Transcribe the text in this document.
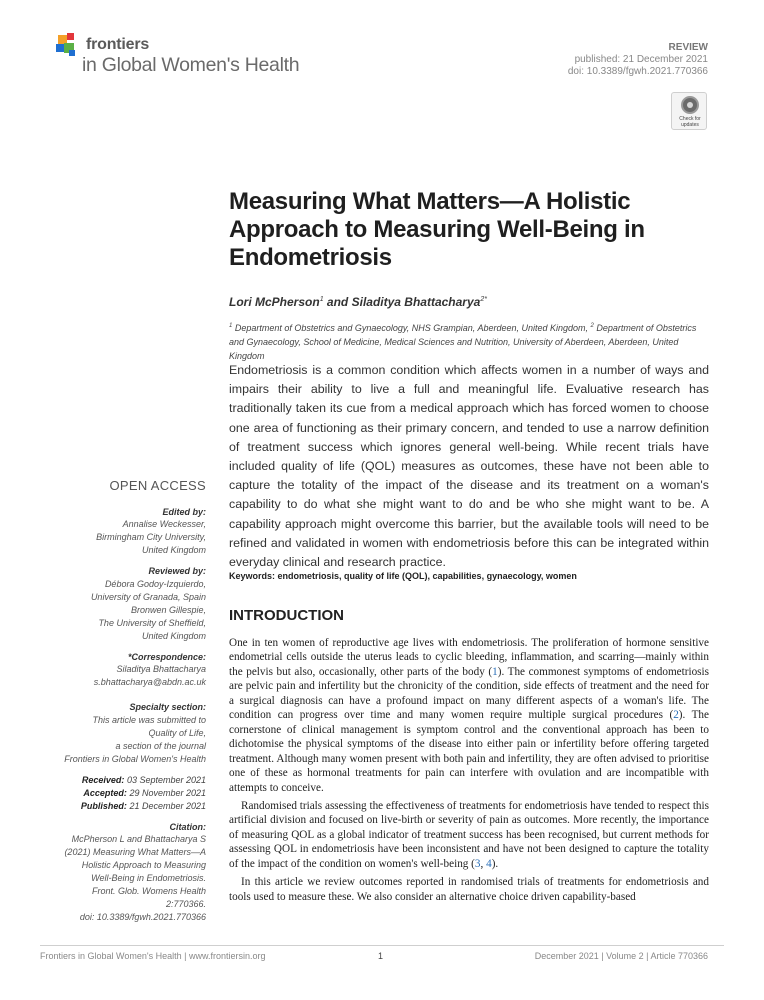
frontiers
in Global Women's Health
REVIEW
published: 21 December 2021
doi: 10.3389/fgwh.2021.770366
Check for updates
Measuring What Matters—A Holistic Approach to Measuring Well-Being in Endometriosis
Lori McPherson$^1$ and Siladitya Bhattacharya$^{2*}$
$^1$ Department of Obstetrics and Gynaecology, NHS Grampian, Aberdeen, United Kingdom, $^2$ Department of Obstetrics and Gynaecology, School of Medicine, Medical Sciences and Nutrition, University of Aberdeen, Aberdeen, United Kingdom
Endometriosis is a common condition which affects women in a number of ways and impairs their ability to live a full and meaningful life. Evaluative research has traditionally taken its cue from a medical approach which has forced women to choose one area of functioning as their primary concern, and tended to use a narrow definition of treatment success which ignores general well-being. While recent trials have included quality of life (QOL) measures as outcomes, these have not been able to capture the totality of the impact of the disease and its treatment on a woman's capability to do what she might want to do and be who she might want to be. A capability approach might overcome this barrier, but the available tools will need to be refined and validated in women with endometriosis before this can be integrated within everyday clinical and research practice.
Keywords: endometriosis, quality of life (QOL), capabilities, gynaecology, women
OPEN ACCESS
Edited by:
Annalise Weckesser,
Birmingham City University,
United Kingdom
Reviewed by:
Débora Godoy-Izquierdo,
University of Granada, Spain
Bronwen Gillespie,
The University of Sheffield,
United Kingdom
*Correspondence:
Siladitya Bhattacharya
s.bhattacharya@abdn.ac.uk
Specialty section:
This article was submitted to
Quality of Life,
a section of the journal
Frontiers in Global Women's Health
Received: 03 September 2021
Accepted: 29 November 2021
Published: 21 December 2021
Citation:
McPherson L and Bhattacharya S
(2021) Measuring What Matters—A
Holistic Approach to Measuring
Well-Being in Endometriosis.
Front. Glob. Womens Health
2:770366.
doi: 10.3389/fgwh.2021.770366
INTRODUCTION

One in ten women of reproductive age lives with endometriosis. The proliferation of hormone sensitive endometrial cells outside the uterus leads to cyclic bleeding, inflammation, and scarring—mainly within the pelvis but also, occasionally, other parts of the body (1). The commonest symptoms of endometriosis are pelvic pain and infertility but the chronicity of the condition, side effects of treatment and the need for a surgical diagnosis can have a profound impact on many different aspects of a woman's life. The condition can progress over time and many women require multiple surgical procedures (2). The cornerstone of clinical management is symptom control and the conventional approach has been to dichotomise the physical symptoms of the disease into either pain or infertility before offering targeted treatment. Although many women present with both pain and infertility, they are often advised to prioritise one of these as hormonal treatments for pain can interfere with ovulation and are incompatible with attempts to conceive.

Randomised trials assessing the effectiveness of treatments for endometriosis have tended to respect this artificial division and focused on live-birth or severity of pain as outcomes. More recently, the importance of measuring QOL as a global indicator of treatment success has been recognised, but current methods for assessing QOL in endometriosis have been inconsistent and have not been designed to capture the totality of the impact of the condition on women's well-being (3, 4).

In this article we review outcomes reported in randomised trials of treatments for endometriosis and tools used to measure these. We also consider an alternative choice driven capability-based

Frontiers in Global Women's Health | www.frontiersin.org	1	December 2021 | Volume 2 | Article 770366
